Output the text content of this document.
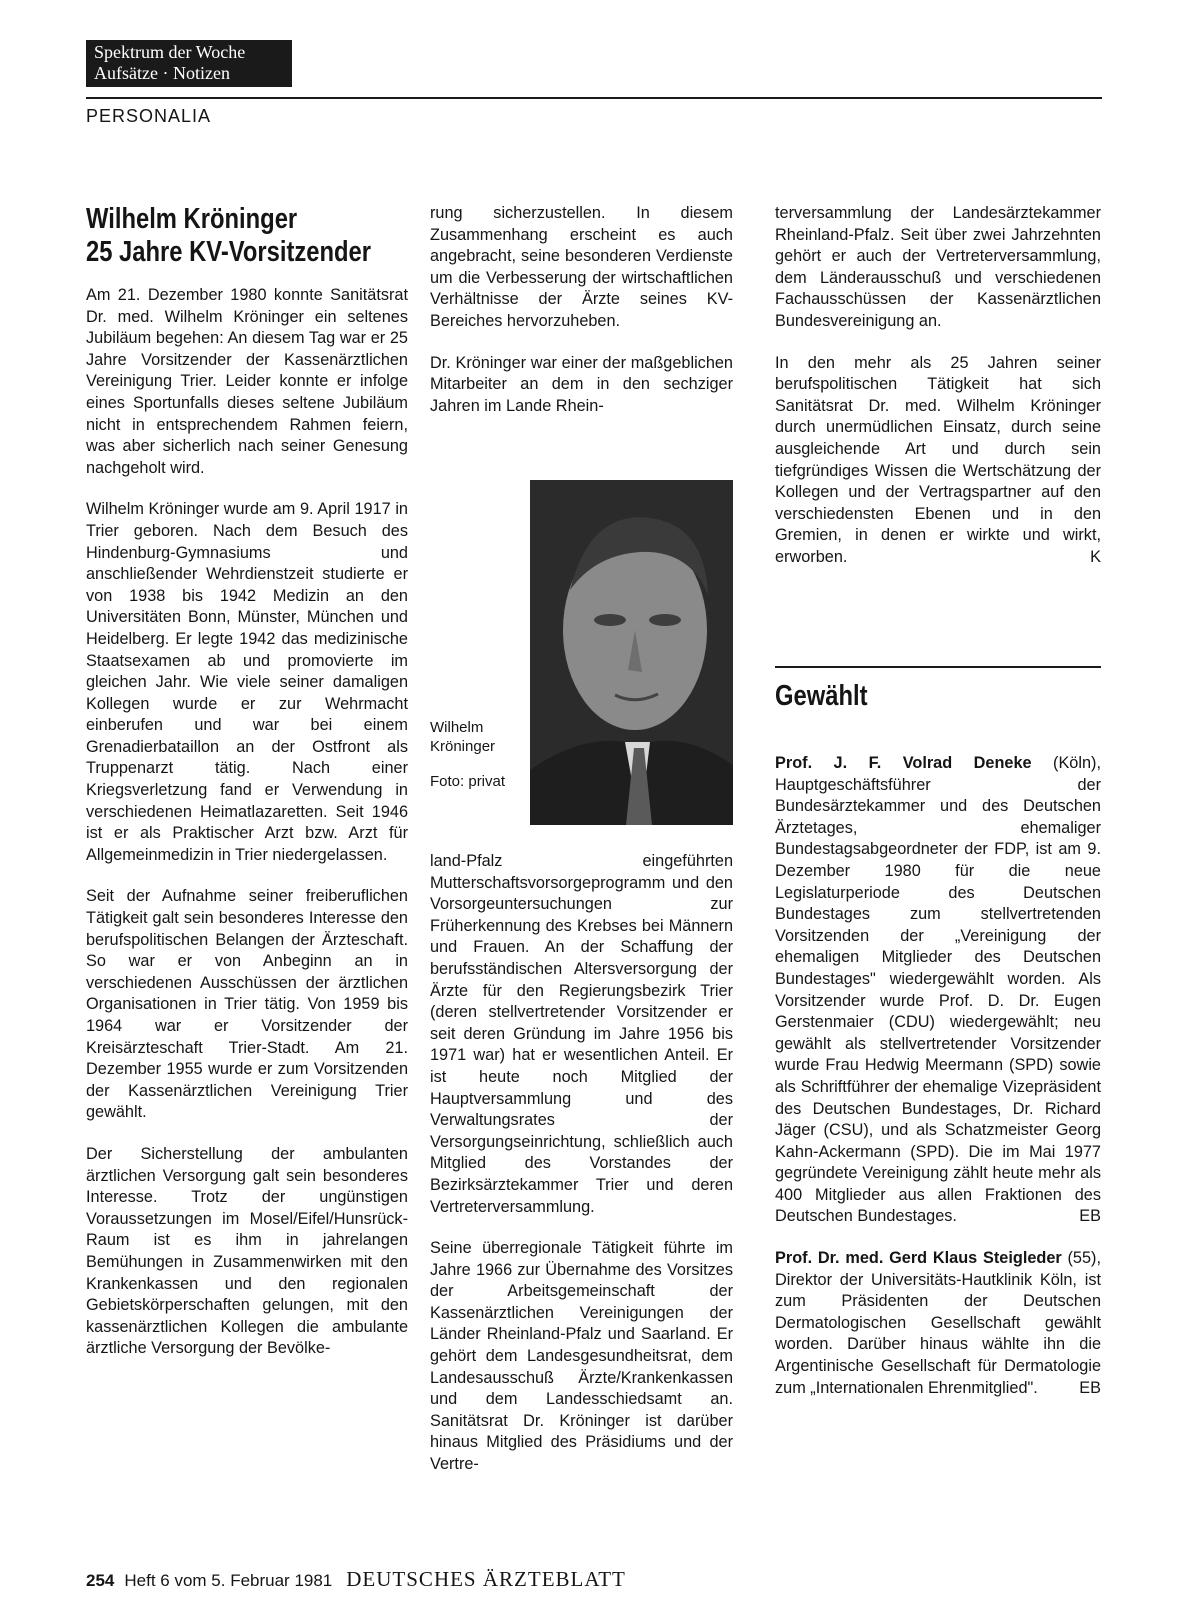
Spektrum der Woche
Aufsätze · Notizen
PERSONALIA
Wilhelm Kröninger
25 Jahre KV-Vorsitzender

Am 21. Dezember 1980 konnte Sanitätsrat Dr. med. Wilhelm Kröninger ein seltenes Jubiläum begehen: An diesem Tag war er 25 Jahre Vorsitzender der Kassenärztlichen Vereinigung Trier. Leider konnte er infolge eines Sportunfalls dieses seltene Jubiläum nicht in entsprechendem Rahmen feiern, was aber sicherlich nach seiner Genesung nachgeholt wird.

Wilhelm Kröninger wurde am 9. April 1917 in Trier geboren. Nach dem Besuch des Hindenburg-Gymnasiums und anschließender Wehrdienstzeit studierte er von 1938 bis 1942 Medizin an den Universitäten Bonn, Münster, München und Heidelberg. Er legte 1942 das medizinische Staatsexamen ab und promovierte im gleichen Jahr. Wie viele seiner damaligen Kollegen wurde er zur Wehrmacht einberufen und war bei einem Grenadierbataillon an der Ostfront als Truppenarzt tätig. Nach einer Kriegsverletzung fand er Verwendung in verschiedenen Heimatlazaretten. Seit 1946 ist er als Praktischer Arzt bzw. Arzt für Allgemeinmedizin in Trier niedergelassen.

Seit der Aufnahme seiner freiberuflichen Tätigkeit galt sein besonderes Interesse den berufspolitischen Belangen der Ärzteschaft. So war er von Anbeginn an in verschiedenen Ausschüssen der ärztlichen Organisationen in Trier tätig. Von 1959 bis 1964 war er Vorsitzender der Kreisärzteschaft Trier-Stadt. Am 21. Dezember 1955 wurde er zum Vorsitzenden der Kassenärztlichen Vereinigung Trier gewählt.

Der Sicherstellung der ambulanten ärztlichen Versorgung galt sein besonderes Interesse. Trotz der ungünstigen Voraussetzungen im Mosel/Eifel/Hunsrück-Raum ist es ihm in jahrelangen Bemühungen in Zusammenwirken mit den Krankenkassen und den regionalen Gebietskörperschaften gelungen, mit den kassenärztlichen Kollegen die ambulante ärztliche Versorgung der Bevölke-

rung sicherzustellen. In diesem Zusammenhang erscheint es auch angebracht, seine besonderen Verdienste um die Verbesserung der wirtschaftlichen Verhältnisse der Ärzte seines KV-Bereiches hervorzuheben.

Dr. Kröninger war einer der maßgeblichen Mitarbeiter an dem in den sechziger Jahren im Lande Rhein-

Wilhelm Kröninger

Foto: privat

land-Pfalz eingeführten Mutterschaftsvorsorgeprogramm und den Vorsorgeuntersuchungen zur Früherkennung des Krebses bei Männern und Frauen. An der Schaffung der berufsständischen Altersversorgung der Ärzte für den Regierungsbezirk Trier (deren stellvertretender Vorsitzender er seit deren Gründung im Jahre 1956 bis 1971 war) hat er wesentlichen Anteil. Er ist heute noch Mitglied der Hauptversammlung und des Verwaltungsrates der Versorgungseinrichtung, schließlich auch Mitglied des Vorstandes der Bezirksärztekammer Trier und deren Vertreterversammlung.

Seine überregionale Tätigkeit führte im Jahre 1966 zur Übernahme des Vorsitzes der Arbeitsgemeinschaft der Kassenärztlichen Vereinigungen der Länder Rheinland-Pfalz und Saarland. Er gehört dem Landesgesundheitsrat, dem Landesausschuß Ärzte/Krankenkassen und dem Landesschiedsamt an. Sanitätsrat Dr. Kröninger ist darüber hinaus Mitglied des Präsidiums und der Vertre-

terversammlung der Landesärztekammer Rheinland-Pfalz. Seit über zwei Jahrzehnten gehört er auch der Vertreterversammlung, dem Länderausschuß und verschiedenen Fachausschüssen der Kassenärztlichen Bundesvereinigung an.

In den mehr als 25 Jahren seiner berufspolitischen Tätigkeit hat sich Sanitätsrat Dr. med. Wilhelm Kröninger durch unermüdlichen Einsatz, durch seine ausgleichende Art und durch sein tiefgründiges Wissen die Wertschätzung der Kollegen und der Vertragspartner auf den verschiedensten Ebenen und in den Gremien, in denen er wirkte und wirkt, erworben.	K

Gewählt

Prof. J. F. Volrad Deneke (Köln), Hauptgeschäftsführer der Bundesärztekammer und des Deutschen Ärztetages, ehemaliger Bundestagsabgeordneter der FDP, ist am 9. Dezember 1980 für die neue Legislaturperiode des Deutschen Bundestages zum stellvertretenden Vorsitzenden der „Vereinigung der ehemaligen Mitglieder des Deutschen Bundestages" wiedergewählt worden. Als Vorsitzender wurde Prof. D. Dr. Eugen Gerstenmaier (CDU) wiedergewählt; neu gewählt als stellvertretender Vorsitzender wurde Frau Hedwig Meermann (SPD) sowie als Schriftführer der ehemalige Vizepräsident des Deutschen Bundestages, Dr. Richard Jäger (CSU), und als Schatzmeister Georg Kahn-Ackermann (SPD). Die im Mai 1977 gegründete Vereinigung zählt heute mehr als 400 Mitglieder aus allen Fraktionen des Deutschen Bundestages.	EB

Prof. Dr. med. Gerd Klaus Steigleder (55), Direktor der Universitäts-Hautklinik Köln, ist zum Präsidenten der Deutschen Dermatologischen Gesellschaft gewählt worden. Darüber hinaus wählte ihn die Argentinische Gesellschaft für Dermatologie zum „Internationalen Ehrenmitglied".	EB

254 Heft 6 vom 5. Februar 1981 DEUTSCHES ÄRZTEBLATT
